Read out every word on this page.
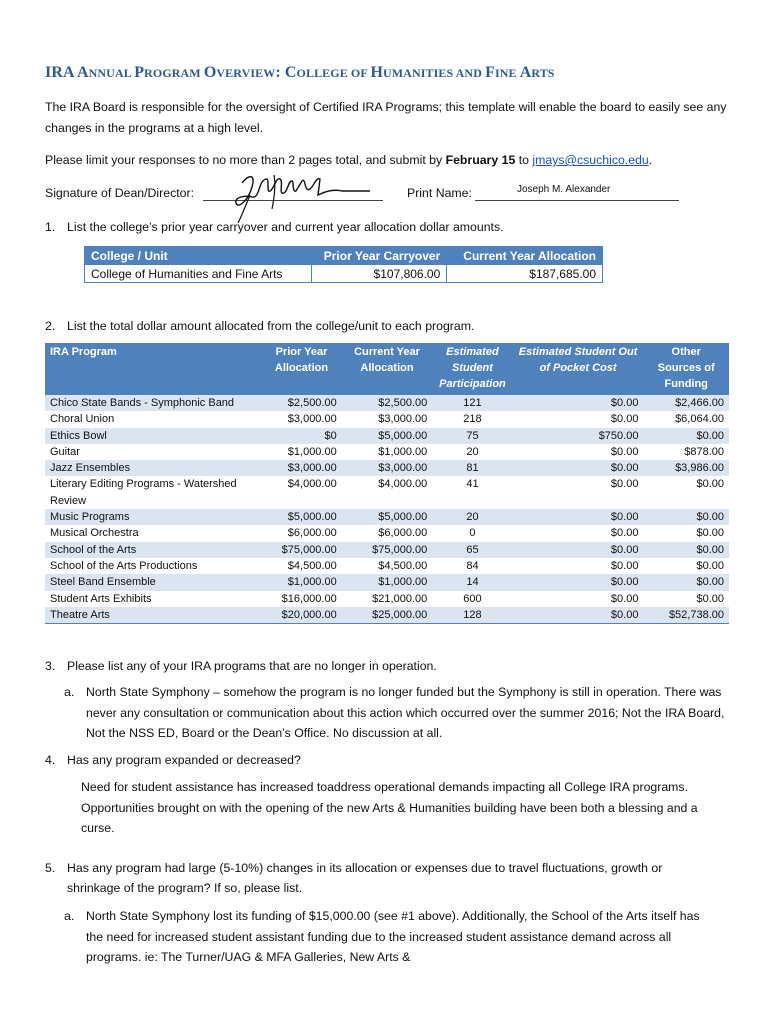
IRA ANNUAL PROGRAM OVERVIEW: COLLEGE OF HUMANITIES AND FINE ARTS
The IRA Board is responsible for the oversight of Certified IRA Programs; this template will enable the board to easily see any changes in the programs at a high level.
Please limit your responses to no more than 2 pages total, and submit by February 15 to jmays@csuchico.edu.
Signature of Dean/Director:	Print Name:	Joseph M. Alexander
1. List the college’s prior year carryover and current year allocation dollar amounts.
College / Unit	Prior Year Carryover	Current Year Allocation
College of Humanities and Fine Arts	$107,806.00	$187,685.00
2. List the total dollar amount allocated from the college/unit to each program.
IRA Program	Prior Year Allocation	Current Year Allocation	Estimated Student Participation	Estimated Student Out of Pocket Cost	Other Sources of Funding
Chico State Bands - Symphonic Band	$2,500.00	$2,500.00	121	$0.00	$2,466.00
Choral Union	$3,000.00	$3,000.00	218	$0.00	$6,064.00
Ethics Bowl	$0	$5,000.00	75	$750.00	$0.00
Guitar	$1,000.00	$1,000.00	20	$0.00	$878.00
Jazz Ensembles	$3,000.00	$3,000.00	81	$0.00	$3,986.00
Literary Editing Programs - Watershed Review	$4,000.00	$4,000.00	41	$0.00	$0.00
Music Programs	$5,000.00	$5,000.00	20	$0.00	$0.00
Musical Orchestra	$6,000.00	$6,000.00	0	$0.00	$0.00
School of the Arts	$75,000.00	$75,000.00	65	$0.00	$0.00
School of the Arts Productions	$4,500.00	$4,500.00	84	$0.00	$0.00
Steel Band Ensemble	$1,000.00	$1,000.00	14	$0.00	$0.00
Student Arts Exhibits	$16,000.00	$21,000.00	600	$0.00	$0.00
Theatre Arts	$20,000.00	$25,000.00	128	$0.00	$52,738.00
3. Please list any of your IRA programs that are no longer in operation.
a. North State Symphony – somehow the program is no longer funded but the Symphony is still in operation. There was never any consultation or communication about this action which occurred over the summer 2016; Not the IRA Board, Not the NSS ED, Board or the Dean’s Office. No discussion at all.
4. Has any program expanded or decreased?
Need for student assistance has increased toaddress operational demands impacting all College IRA programs. Opportunities brought on with the opening of the new Arts & Humanities building have been both a blessing and a curse.
5. Has any program had large (5-10%) changes in its allocation or expenses due to travel fluctuations, growth or shrinkage of the program? If so, please list.
a. North State Symphony lost its funding of $15,000.00 (see #1 above). Additionally, the School of the Arts itself has the need for increased student assistant funding due to the increased student assistance demand across all programs. ie: The Turner/UAG & MFA Galleries, New Arts &
